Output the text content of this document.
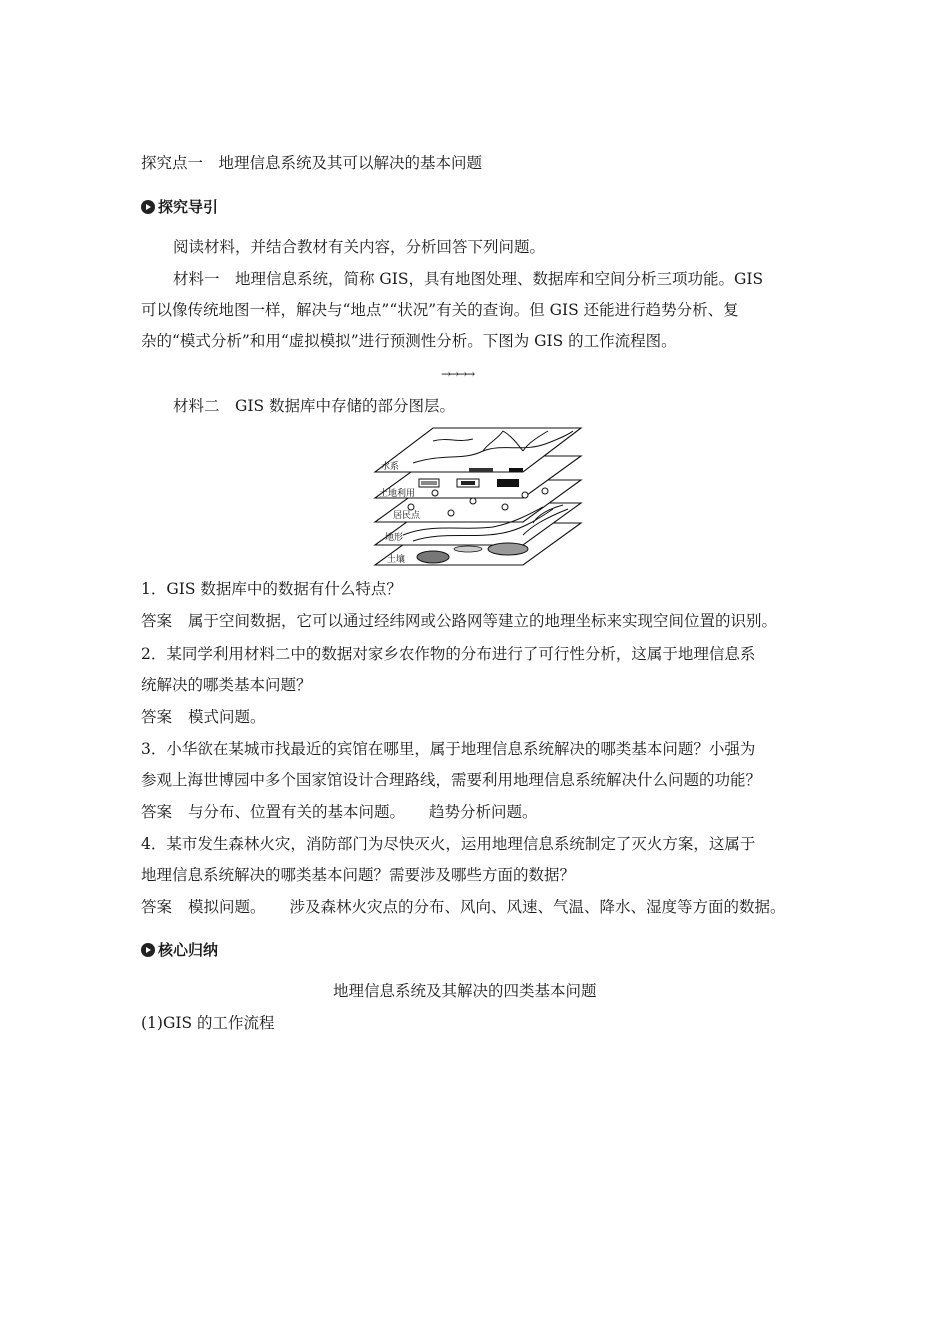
探究点一　地理信息系统及其可以解决的基本问题
探究导引
阅读材料，并结合教材有关内容，分析回答下列问题。
材料一　地理信息系统，简称 GIS，具有地图处理、数据库和空间分析三项功能。GIS
可以像传统地图一样，解决与“地点”“状况”有关的查询。但 GIS 还能进行趋势分析、复
杂的“模式分析”和用“虚拟模拟”进行预测性分析。下图为 GIS 的工作流程图。
→→→→
材料二　GIS 数据库中存储的部分图层。
水系
土地利用
居民点
地形
土壤
1．GIS 数据库中的数据有什么特点？
答案 属于空间数据，它可以通过经纬网或公路网等建立的地理坐标来实现空间位置的识别。
2．某同学利用材料二中的数据对家乡农作物的分布进行了可行性分析，这属于地理信息系
统解决的哪类基本问题？
答案 模式问题。
3．小华欲在某城市找最近的宾馆在哪里，属于地理信息系统解决的哪类基本问题？小强为
参观上海世博园中多个国家馆设计合理路线，需要利用地理信息系统解决什么问题的功能？
答案 与分布、位置有关的基本问题。 趋势分析问题。
4．某市发生森林火灾，消防部门为尽快灭火，运用地理信息系统制定了灭火方案，这属于
地理信息系统解决的哪类基本问题？需要涉及哪些方面的数据？
答案 模拟问题。 涉及森林火灾点的分布、风向、风速、气温、降水、湿度等方面的数据。
核心归纳
地理信息系统及其解决的四类基本问题
(1)GIS 的工作流程
